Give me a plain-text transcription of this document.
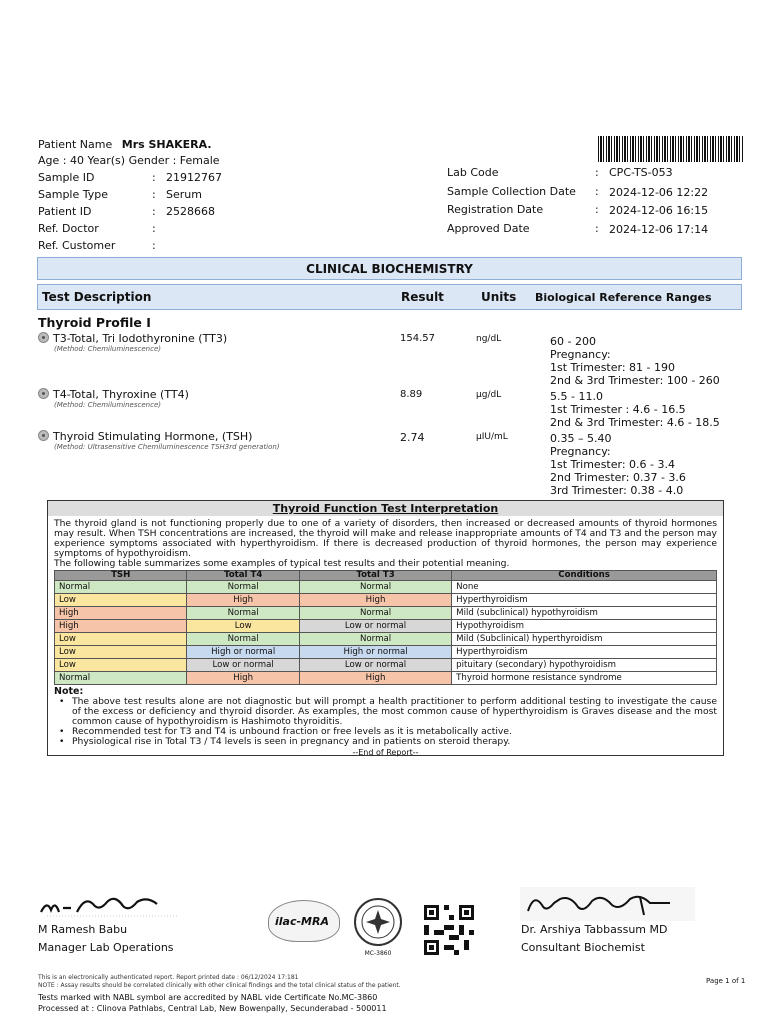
Patient Name Mrs SHAKERA.
Age : 40 Year(s) Gender : Female
Sample ID	: 21912767
Sample Type	: Serum
Patient ID	: 2528668
Ref. Doctor	:
Ref. Customer	:
Lab Code	: CPC-TS-053
Sample Collection Date : 2024-12-06 12:22
Registration Date	: 2024-12-06 16:15
Approved Date	: 2024-12-06 17:14
CLINICAL BIOCHEMISTRY
Test Description	Result	Units Biological Reference Ranges
Thyroid Profile I
T3-Total, Tri Iodothyronine (TT3)
(Method: Chemiluminescence)
154.57	ng/dL	60 - 200
Pregnancy:
1st Trimester: 81 - 190
2nd & 3rd Trimester: 100 - 260
T4-Total, Thyroxine (TT4)
(Method: Chemiluminescence)
8.89	µg/dL	5.5 - 11.0
1st Trimester : 4.6 - 16.5
2nd & 3rd Trimester: 4.6 - 18.5
Thyroid Stimulating Hormone, (TSH)
(Method: Ultrasensitive Chemiluminescence TSH3rd generation)
2.74	µIU/mL	0.35 – 5.40
Pregnancy:
1st Trimester: 0.6 - 3.4
2nd Trimester: 0.37 - 3.6
3rd Trimester: 0.38 - 4.0
Thyroid Function Test Interpretation

The thyroid gland is not functioning properly due to one of a variety of disorders, then increased or decreased amounts of thyroid hormones may result. When TSH concentrations are increased, the thyroid will make and release inappropriate amounts of T4 and T3 and the person may experience symptoms associated with hyperthyroidism. If there is decreased production of thyroid hormones, the person may experience symptoms of hypothyroidism.

The following table summarizes some examples of typical test results and their potential meaning.

TSH	Total T4	Total T3	Conditions
Normal	Normal	Normal	None
Low	High	High	Hyperthyroidism
High	Normal	Normal	Mild (subclinical) hypothyroidism
High	Low	Low or normal	Hypothyroidism
Low	Normal	Normal	Mild (Subclinical) hyperthyroidism
Low	High or normal	High or normal	Hyperthyroidism
Low	Low or normal	Low or normal	pituitary (secondary) hypothyroidism
Normal	High	High	Thyroid hormone resistance syndrome
Note:
• The above test results alone are not diagnostic but will prompt a health practitioner to perform additional testing to investigate the cause of the excess or deficiency and thyroid disorder. As examples, the most common cause of hyperthyroidism is Graves disease and the most common cause of hypothyroidism is Hashimoto thyroiditis.
• Recommended test for T3 and T4 is unbound fraction or free levels as it is metabolically active.
• Physiological rise in Total T3 / T4 levels is seen in pregnancy and in patients on steroid therapy.
--End of Report--
M Ramesh Babu
Manager Lab Operations
ilac-MRA
MC-3860
Dr. Arshiya Tabbassum MD
Consultant Biochemist
This is an electronically authenticated report. Report printed date : 06/12/2024 17:181
NOTE : Assay results should be correlated clinically with other clinical findings and the total clinical status of the patient.
Page 1 of 1
Tests marked with NABL symbol are accredited by NABL vide Certificate No.MC-3860
Processed at : Clinova Pathlabs, Central Lab, New Bowenpally, Secunderabad - 500011
